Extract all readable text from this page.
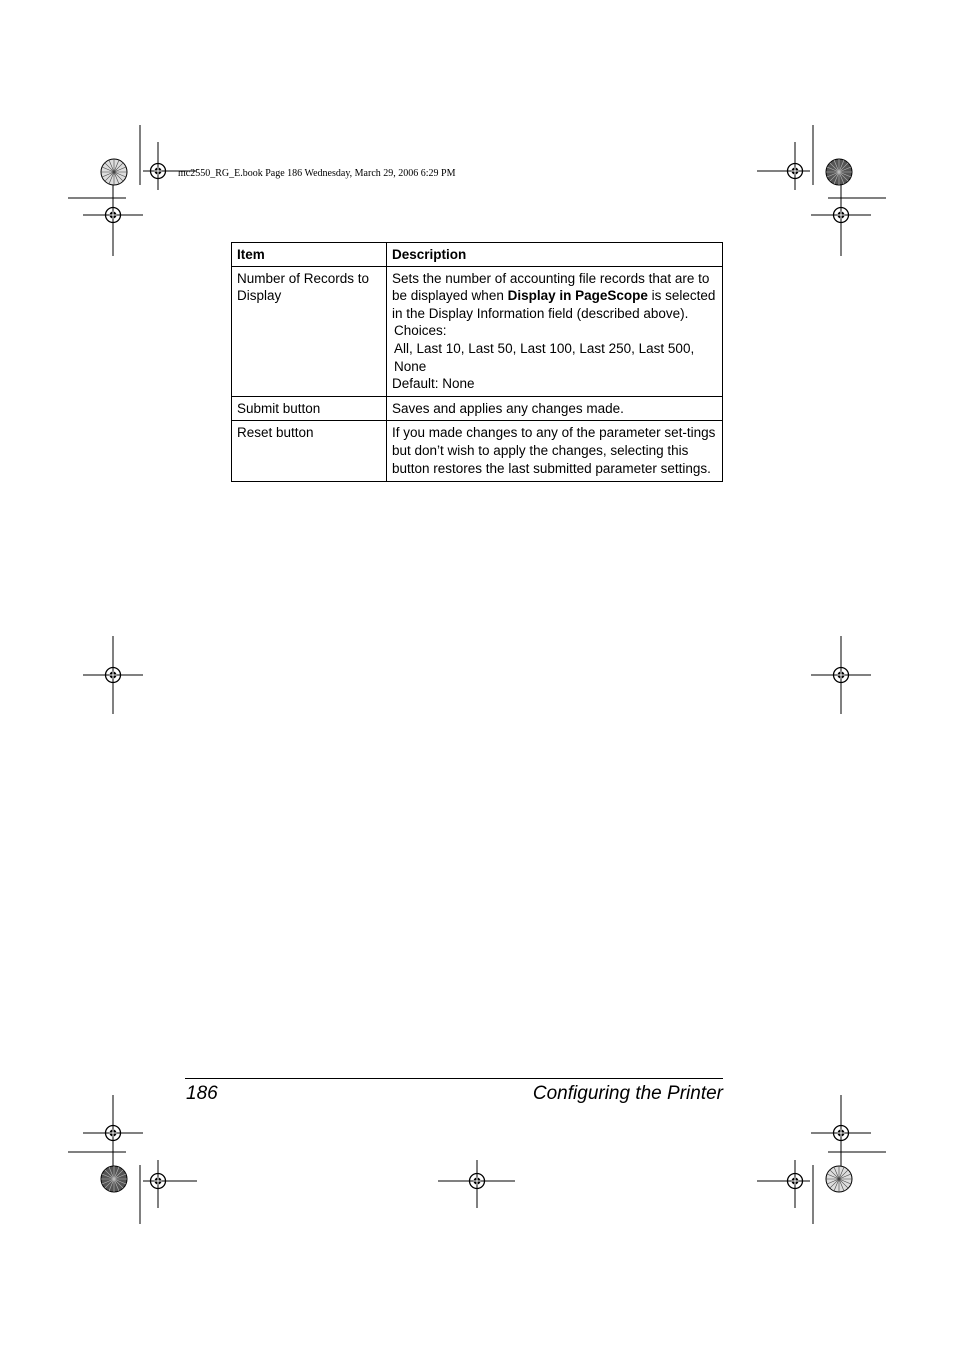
mc2550_RG_E.book Page 186 Wednesday, March 29, 2006 6:29 PM
Item	Description
Number of Records to Display	Sets the number of accounting file records that are to be displayed when Display in PageScope is selected in the Display Information field (described above).
Choices:
All, Last 10, Last 50, Last 100, Last 250, Last 500, None
Default: None

Submit button	Saves and applies any changes made.
Reset button	If you made changes to any of the parameter set-tings but don’t wish to apply the changes, selecting this button restores the last submitted parameter settings.
186	Configuring the Printer
